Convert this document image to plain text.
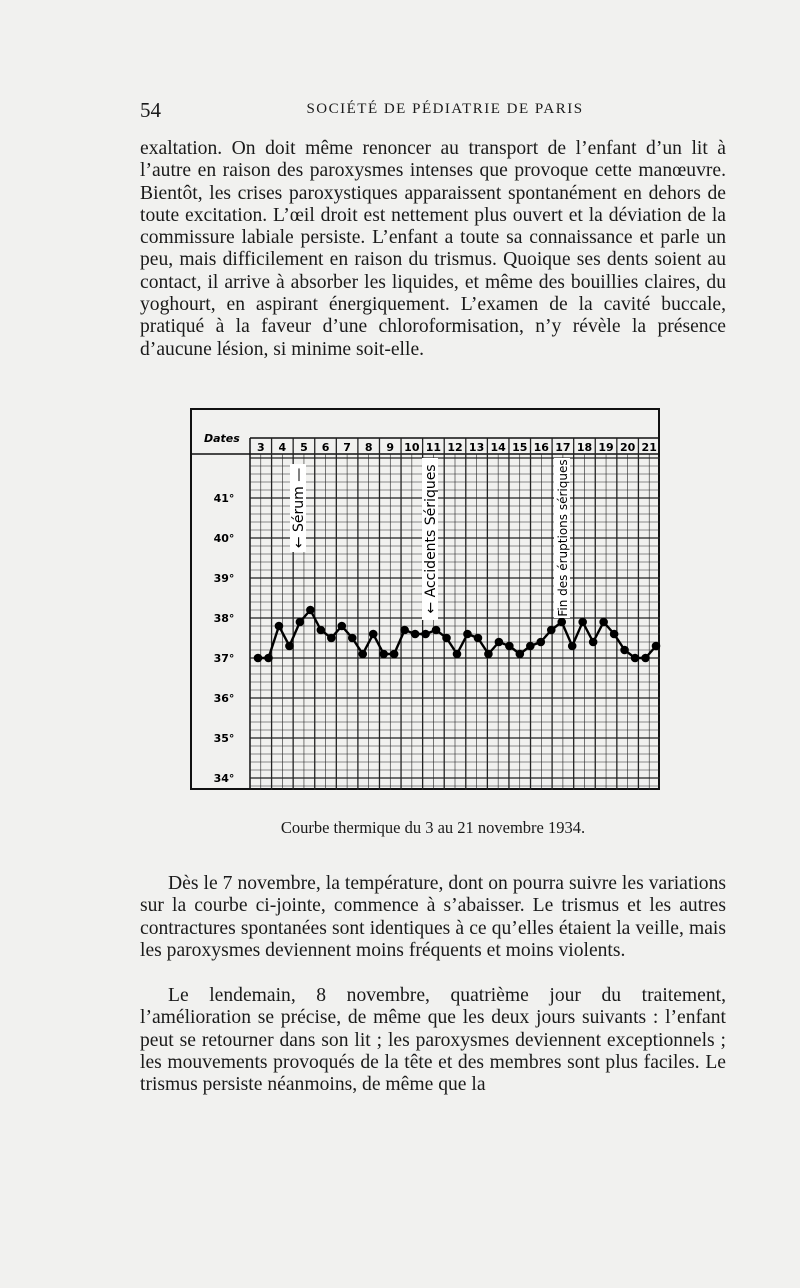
54	SOCIÉTÉ DE PÉDIATRIE DE PARIS

exaltation. On doit même renoncer au transport de l’enfant d’un lit à l’autre en raison des paroxysmes intenses que provoque cette manœuvre. Bientôt, les crises paroxystiques apparaissent spontanément en dehors de toute excitation. L’œil droit est nettement plus ouvert et la déviation de la commissure labiale persiste. L’enfant a toute sa connaissance et parle un peu, mais difficilement en raison du trismus. Quoique ses dents soient au contact, il arrive à absorber les liquides, et même des bouillies claires, du yoghourt, en aspirant énergiquement. L’examen de la cavité buccale, pratiqué à la faveur d’une chloroformisation, n’y révèle la présence d’aucune lésion, si minime soit-elle.

Dates
3 4 5 6 7 8 9 10 11 12 13 14 15 16 17 18 19 20 21
41°
40°
39°
38°
37°
36°
35°
34°
← Sérum —	← Accidents Sériques	Fin des éruptions sériques

Courbe thermique du 3 au 21 novembre 1934.

Dès le 7 novembre, la température, dont on pourra suivre les variations sur la courbe ci-jointe, commence à s’abaisser. Le trismus et les autres contractures spontanées sont identiques à ce qu’elles étaient la veille, mais les paroxysmes deviennent moins fréquents et moins violents.

Le lendemain, 8 novembre, quatrième jour du traitement, l’amélioration se précise, de même que les deux jours suivants : l’enfant peut se retourner dans son lit ; les paroxysmes deviennent exceptionnels ; les mouvements provoqués de la tête et des membres sont plus faciles. Le trismus persiste néanmoins, de même que la
